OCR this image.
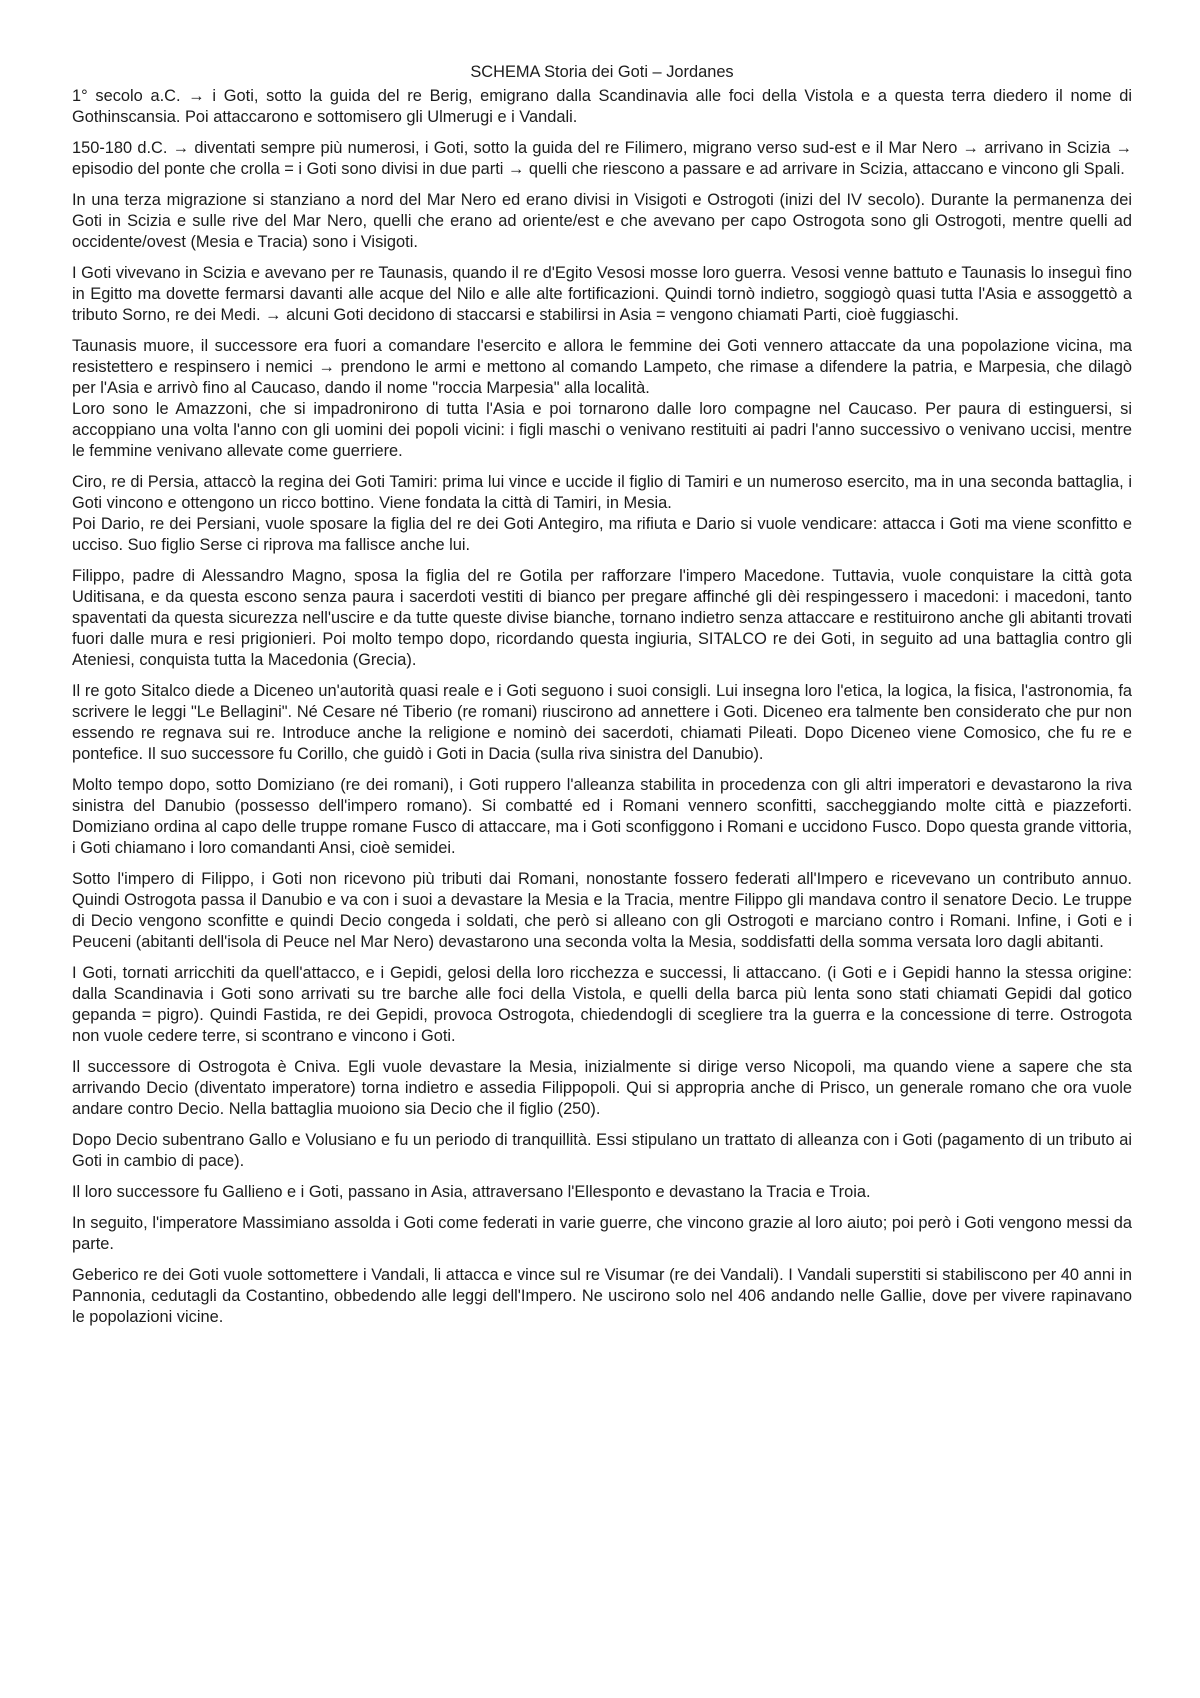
SCHEMA Storia dei Goti – Jordanes

1° secolo a.C. → i Goti, sotto la guida del re Berig, emigrano dalla Scandinavia alle foci della Vistola e a questa terra diedero il nome di Gothinscansia. Poi attaccarono e sottomisero gli Ulmerugi e i Vandali.

150-180 d.C. → diventati sempre più numerosi, i Goti, sotto la guida del re Filimero, migrano verso sud-est e il Mar Nero → arrivano in Scizia → episodio del ponte che crolla = i Goti sono divisi in due parti → quelli che riescono a passare e ad arrivare in Scizia, attaccano e vincono gli Spali.

In una terza migrazione si stanziano a nord del Mar Nero ed erano divisi in Visigoti e Ostrogoti (inizi del IV secolo). Durante la permanenza dei Goti in Scizia e sulle rive del Mar Nero, quelli che erano ad oriente/est e che avevano per capo Ostrogota sono gli Ostrogoti, mentre quelli ad occidente/ovest (Mesia e Tracia) sono i Visigoti.

I Goti vivevano in Scizia e avevano per re Taunasis, quando il re d'Egito Vesosi mosse loro guerra. Vesosi venne battuto e Taunasis lo inseguì fino in Egitto ma dovette fermarsi davanti alle acque del Nilo e alle alte fortificazioni. Quindi tornò indietro, soggiogò quasi tutta l'Asia e assoggettò a tributo Sorno, re dei Medi. → alcuni Goti decidono di staccarsi e stabilirsi in Asia = vengono chiamati Parti, cioè fuggiaschi.

Taunasis muore, il successore era fuori a comandare l'esercito e allora le femmine dei Goti vennero attaccate da una popolazione vicina, ma resistettero e respinsero i nemici → prendono le armi e mettono al comando Lampeto, che rimase a difendere la patria, e Marpesia, che dilagò per l'Asia e arrivò fino al Caucaso, dando il nome "roccia Marpesia" alla località.
Loro sono le Amazzoni, che si impadronirono di tutta l'Asia e poi tornarono dalle loro compagne nel Caucaso. Per paura di estinguersi, si accoppiano una volta l'anno con gli uomini dei popoli vicini: i figli maschi o venivano restituiti ai padri l'anno successivo o venivano uccisi, mentre le femmine venivano allevate come guerriere.

Ciro, re di Persia, attaccò la regina dei Goti Tamiri: prima lui vince e uccide il figlio di Tamiri e un numeroso esercito, ma in una seconda battaglia, i Goti vincono e ottengono un ricco bottino. Viene fondata la città di Tamiri, in Mesia.
Poi Dario, re dei Persiani, vuole sposare la figlia del re dei Goti Antegiro, ma rifiuta e Dario si vuole vendicare: attacca i Goti ma viene sconfitto e ucciso. Suo figlio Serse ci riprova ma fallisce anche lui.

Filippo, padre di Alessandro Magno, sposa la figlia del re Gotila per rafforzare l'impero Macedone. Tuttavia, vuole conquistare la città gota Uditisana, e da questa escono senza paura i sacerdoti vestiti di bianco per pregare affinché gli dèi respingessero i macedoni: i macedoni, tanto spaventati da questa sicurezza nell'uscire e da tutte queste divise bianche, tornano indietro senza attaccare e restituirono anche gli abitanti trovati fuori dalle mura e resi prigionieri. Poi molto tempo dopo, ricordando questa ingiuria, SITALCO re dei Goti, in seguito ad una battaglia contro gli Ateniesi, conquista tutta la Macedonia (Grecia).

Il re goto Sitalco diede a Diceneo un'autorità quasi reale e i Goti seguono i suoi consigli. Lui insegna loro l'etica, la logica, la fisica, l'astronomia, fa scrivere le leggi "Le Bellagini". Né Cesare né Tiberio (re romani) riuscirono ad annettere i Goti. Diceneo era talmente ben considerato che pur non essendo re regnava sui re. Introduce anche la religione e nominò dei sacerdoti, chiamati Pileati. Dopo Diceneo viene Comosico, che fu re e pontefice. Il suo successore fu Corillo, che guidò i Goti in Dacia (sulla riva sinistra del Danubio).

Molto tempo dopo, sotto Domiziano (re dei romani), i Goti ruppero l'alleanza stabilita in procedenza con gli altri imperatori e devastarono la riva sinistra del Danubio (possesso dell'impero romano). Si combatté ed i Romani vennero sconfitti, saccheggiando molte città e piazzeforti. Domiziano ordina al capo delle truppe romane Fusco di attaccare, ma i Goti sconfiggono i Romani e uccidono Fusco. Dopo questa grande vittoria, i Goti chiamano i loro comandanti Ansi, cioè semidei.

Sotto l'impero di Filippo, i Goti non ricevono più tributi dai Romani, nonostante fossero federati all'Impero e ricevevano un contributo annuo. Quindi Ostrogota passa il Danubio e va con i suoi a devastare la Mesia e la Tracia, mentre Filippo gli mandava contro il senatore Decio. Le truppe di Decio vengono sconfitte e quindi Decio congeda i soldati, che però si alleano con gli Ostrogoti e marciano contro i Romani. Infine, i Goti e i Peuceni (abitanti dell'isola di Peuce nel Mar Nero) devastarono una seconda volta la Mesia, soddisfatti della somma versata loro dagli abitanti.

I Goti, tornati arricchiti da quell'attacco, e i Gepidi, gelosi della loro ricchezza e successi, li attaccano. (i Goti e i Gepidi hanno la stessa origine: dalla Scandinavia i Goti sono arrivati su tre barche alle foci della Vistola, e quelli della barca più lenta sono stati chiamati Gepidi dal gotico gepanda = pigro). Quindi Fastida, re dei Gepidi, provoca Ostrogota, chiedendogli di scegliere tra la guerra e la concessione di terre. Ostrogota non vuole cedere terre, si scontrano e vincono i Goti.

Il successore di Ostrogota è Cniva. Egli vuole devastare la Mesia, inizialmente si dirige verso Nicopoli, ma quando viene a sapere che sta arrivando Decio (diventato imperatore) torna indietro e assedia Filippopoli. Qui si appropria anche di Prisco, un generale romano che ora vuole andare contro Decio. Nella battaglia muoiono sia Decio che il figlio (250).

Dopo Decio subentrano Gallo e Volusiano e fu un periodo di tranquillità. Essi stipulano un trattato di alleanza con i Goti (pagamento di un tributo ai Goti in cambio di pace).

Il loro successore fu Gallieno e i Goti, passano in Asia, attraversano l'Ellesponto e devastano la Tracia e Troia.

In seguito, l'imperatore Massimiano assolda i Goti come federati in varie guerre, che vincono grazie al loro aiuto; poi però i Goti vengono messi da parte.

Geberico re dei Goti vuole sottomettere i Vandali, li attacca e vince sul re Visumar (re dei Vandali). I Vandali superstiti si stabiliscono per 40 anni in Pannonia, cedutagli da Costantino, obbedendo alle leggi dell'Impero. Ne uscirono solo nel 406 andando nelle Gallie, dove per vivere rapinavano le popolazioni vicine.
